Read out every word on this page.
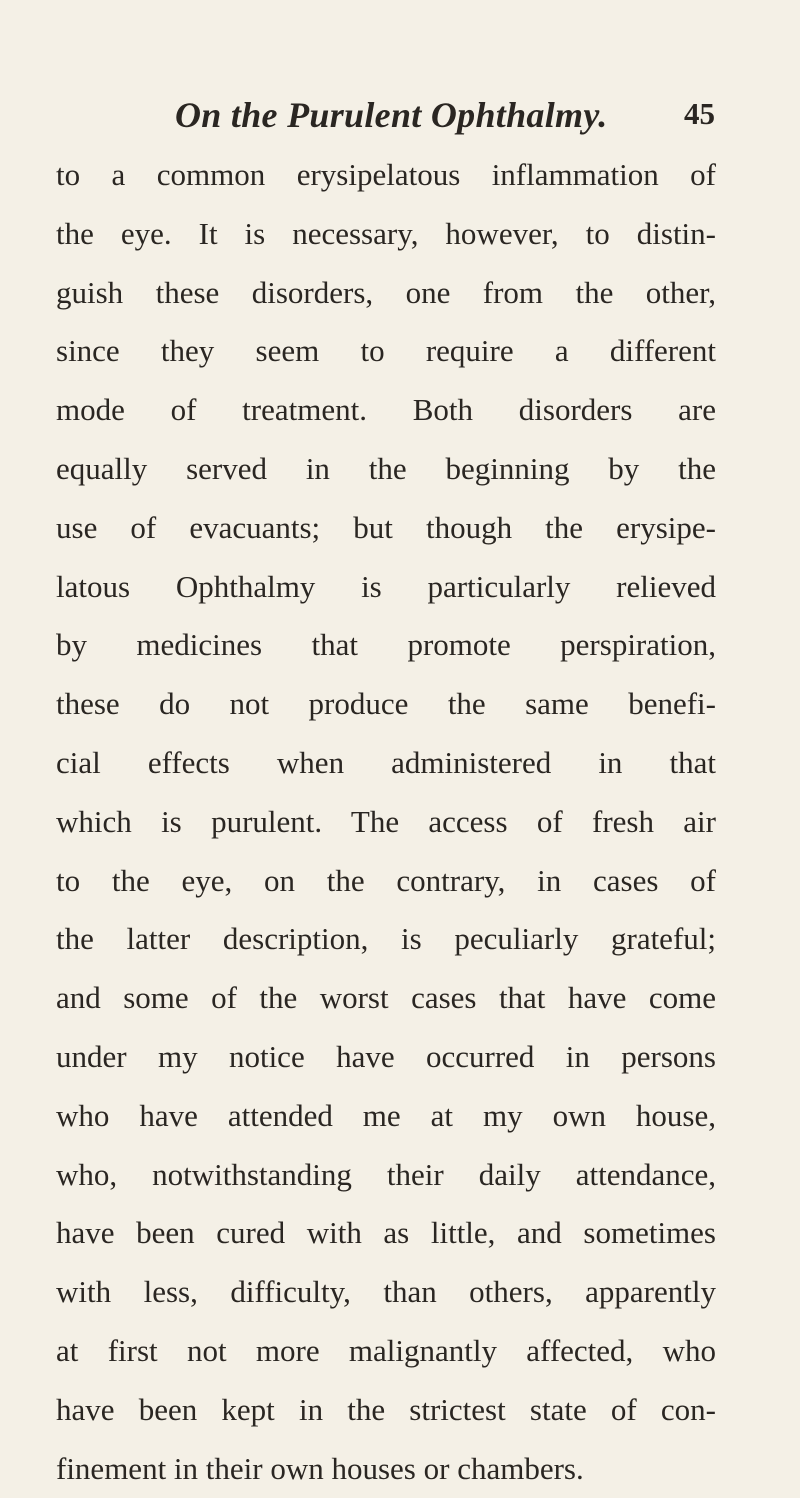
On the Purulent Ophthalmy. 45
to a common erysipelatous inflammation of
the eye. It is necessary, however, to distin-
guish these disorders, one from the other,
since they seem to require a different
mode of treatment. Both disorders are
equally served in the beginning by the
use of evacuants; but though the erysipe-
latous Ophthalmy is particularly relieved
by medicines that promote perspiration,
these do not produce the same benefi-
cial effects when administered in that
which is purulent. The access of fresh air
to the eye, on the contrary, in cases of
the latter description, is peculiarly grateful;
and some of the worst cases that have come
under my notice have occurred in persons
who have attended me at my own house,
who, notwithstanding their daily attendance,
have been cured with as little, and sometimes
with less, difficulty, than others, apparently
at first not more malignantly affected, who
have been kept in the strictest state of con-
finement in their own houses or chambers.
